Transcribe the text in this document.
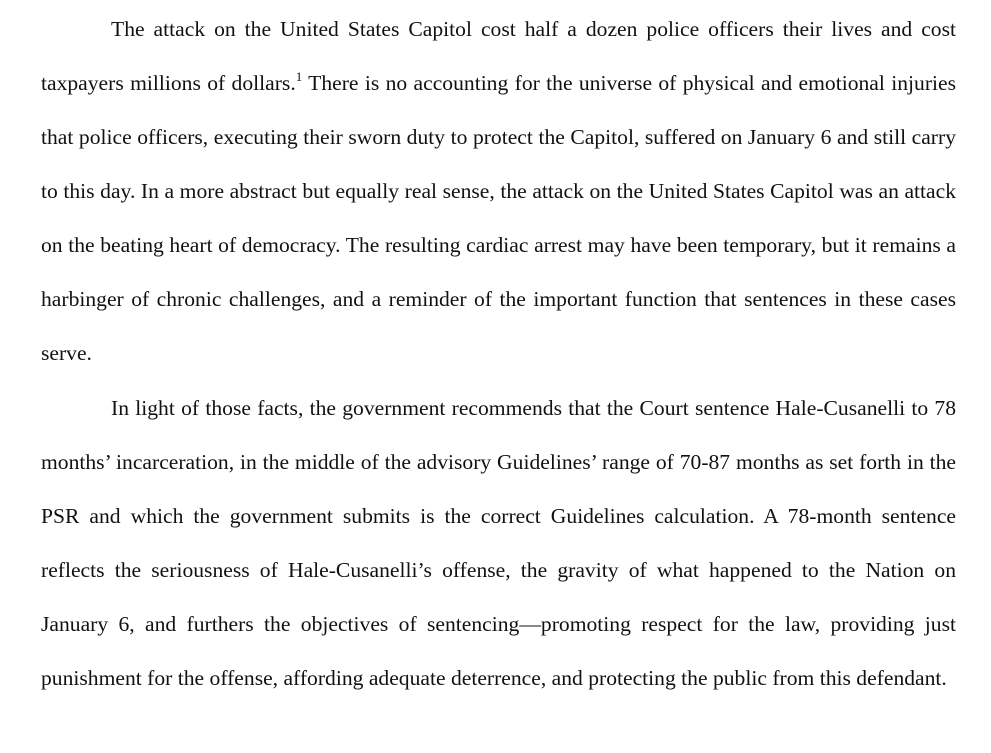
The attack on the United States Capitol cost half a dozen police officers their lives and cost taxpayers millions of dollars.$^1$ There is no accounting for the universe of physical and emotional injuries that police officers, executing their sworn duty to protect the Capitol, suffered on January 6 and still carry to this day. In a more abstract but equally real sense, the attack on the United States Capitol was an attack on the beating heart of democracy. The resulting cardiac arrest may have been temporary, but it remains a harbinger of chronic challenges, and a reminder of the important function that sentences in these cases serve.

In light of those facts, the government recommends that the Court sentence Hale-Cusanelli to 78 months’ incarceration, in the middle of the advisory Guidelines’ range of 70-87 months as set forth in the PSR and which the government submits is the correct Guidelines calculation. A 78-month sentence reflects the seriousness of Hale-Cusanelli’s offense, the gravity of what happened to the Nation on January 6, and furthers the objectives of sentencing—promoting respect for the law, providing just punishment for the offense, affording adequate deterrence, and protecting the public from this defendant.
